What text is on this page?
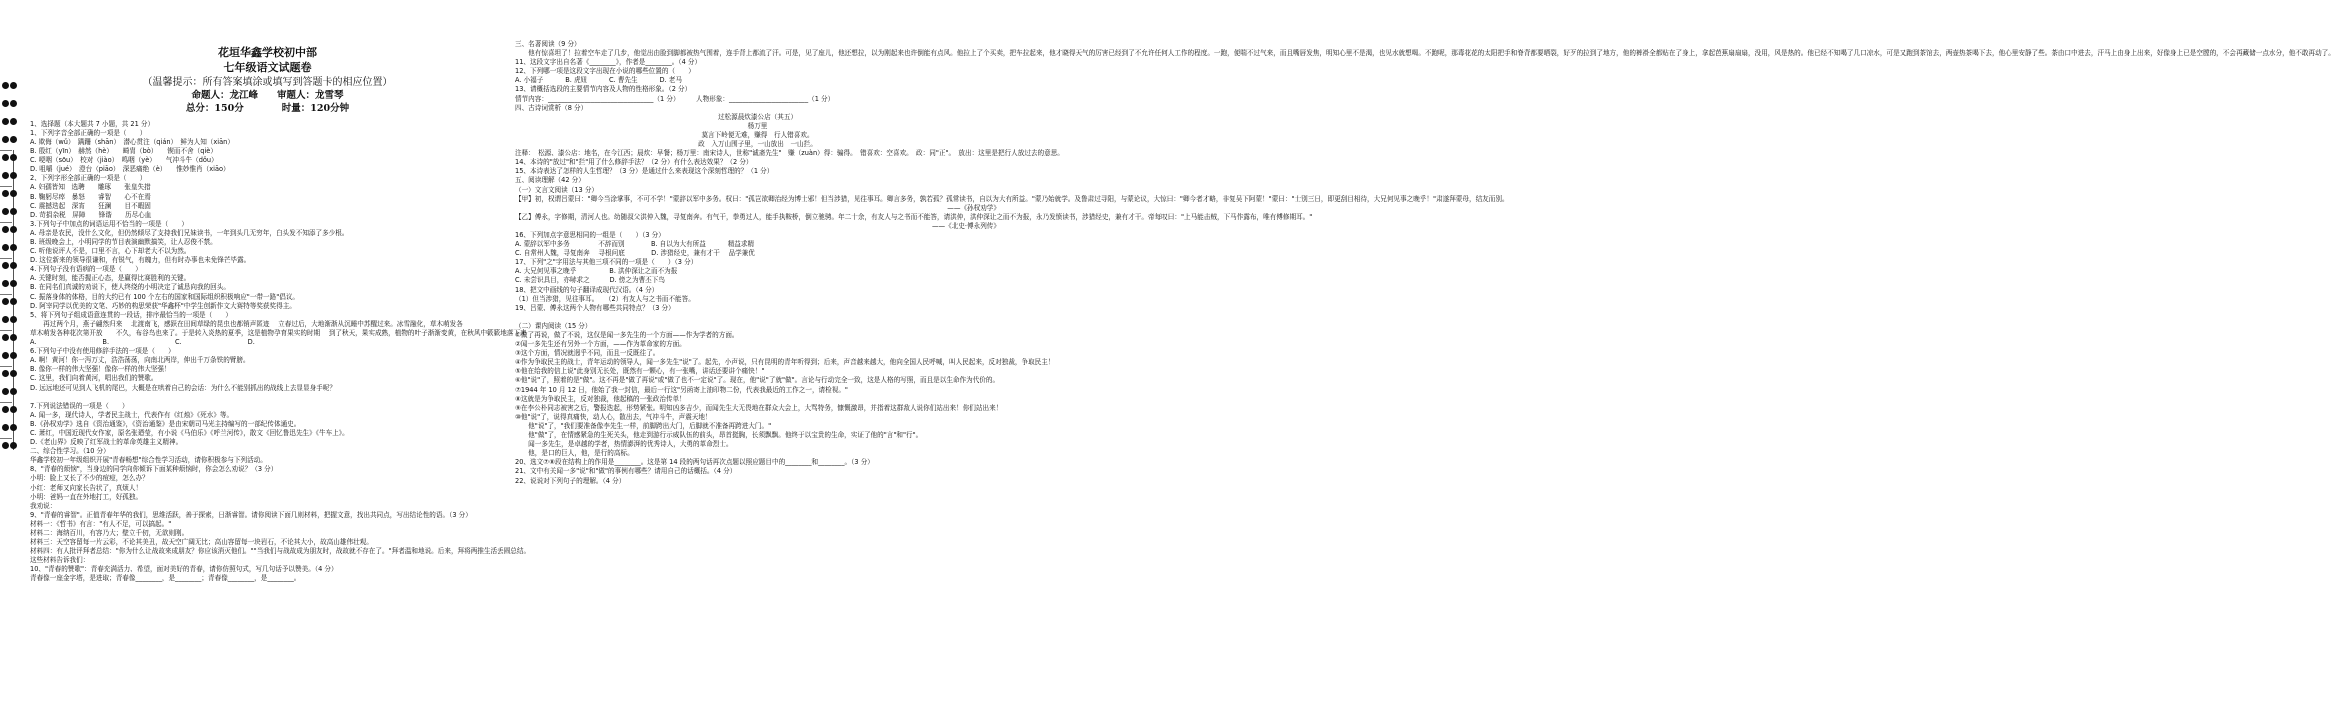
花垣华鑫学校初中部
七年级语文试题卷
（温馨提示：所有答案填涂或填写到答题卡的相应位置）
命题人：龙江峰　　审题人：龙雪琴
总分：150分　　　　时量：120分钟
1、选择题（本大题共 7 小题，共 21 分）
1、下列字音全部正确的一项是（　　）
A. 欺侮（wǔ）　蹒跚（shān）　潜心贯注（qián）　鲜为人知（xiān）
B. 殷红（yīn）　赫然（hè）　　畸胄（bò）　　锲而不舍（qiè）
C. 哽咽（sōu）　校对（jiào）　鸣咽（yè）　　气冲斗牛（dǒu）
D. 咀嚼（jué）　澄台（piāo）　深恶痛绝（è）　　惟妙惟肖（xiāo）
2、下列字形全部正确的一项是（　　）
A. 妇孺皆知　选聘　　雕琢　　张皇失措
B. 鞠躬尽瘁　暴怒　　睿智　　心不在焉
C. 震撼迭起　深宵　　狂澜　　目不暇固
D. 苛捐杂税　屏障　　锋谐　　历尽心血
3.下列句子中加点的词语运用不恰当的一项是（　　）
A. 母亲是农民，没什么文化，但仍然倾尽了支持我们兄妹读书，一年到头几无穷年，白头发不知添了多少根。
B. 班级晚会上，小明同学的节目表演幽默搞笑，让人忍俊不禁。
C. 听他说评人不是，口里不言，心下却老大不以为然。
D. 这位新来的领导很谦和，有锐气，有魄力，但有时办事也未免锋芒毕露。
4.下列句子没有语病的一项是（　　）
A. 关键时刻，能否握正心态，是赢得比赛胜利的关键。
B. 在同名们真诚的劝说下，使人终绕的小明决定了诚恳向我的回头。
C. 振落身体的体格，目的大约已有 100 个左右的国家和国际组织积极响应"一带一路"倡议。
D. 阿宰同学以优美的文笔、巧妙的构思荣获"华鑫杯"中学生创新作文大赛特等奖获奖得主。
5、将下列句子组成语意连贯的一段话，排序最恰当的一项是（　　）
　　再过两个月，燕子翩然归来　 北渡南飞，感跃在田间草绿的昆虫也都销声匿迹　 立春过后，大地渐渐从沉睡中苏醒过来。冰雪融化，草木萌发各
草木萌发各种花次第开放　　不久，布谷鸟也来了。于是转入炎热的夏季，这是植物孕育果实的时期　 到了秋天，果实成熟，植物的叶子渐渐变黄，在秋风中簌簌地落下来
A.　　　　　　　　　　B.　　　　　　　　　　C.　　　　　　　　　　D.
6.下列句子中没有使用修辞手法的一项是（　　）
A. 啊！黄河！你一泻万丈，浩浩荡荡，向南北两岸，伸出千万条铁的臂膀。
B. 像你一样的伟大坚强！像你一样的伟大坚强！
C. 这里，我们向着黄河，唱出我们的赞歌。
D. 远远地还可见到人飞机的尾巴，大概是在哄着自己的会话：为什么不能别抓出的战线上去显显身手呢？

7.下列说法错误的一项是（　　）
A. 闻一多，现代诗人，学者民主战士，代表作有《红烛》《死水》等。
B.《孙权劝学》选自《资治通鉴》，《资治通鉴》是由宋朝司马光主持编写的一部纪传体通史。
C. 萧红，中国近现代女作家，原名张廼莹，有小说《马伯乐》《呼兰河传》，散文《回忆鲁迅先生》《牛车上》。
D.《老山界》反映了红军战士的革命英雄主义精神。
二、综合性学习。（10 分）
华鑫学校初一年级组织开展"青春畅想"综合性学习活动，请你积极参与下列活动。
8、"青春的烦恼"，当身边的同学向你倾诉下面某种烦恼时，你会怎么劝说？（3 分）
小明：脸上又长了不少的痘痘，怎么办？
小红：老师又向家长告状了，真烦人！
小明：爸妈一直在外地打工，好孤独。
我劝说：
9、"青春的睿智"。正值青春年华的我们，思维活跃，善于探索，日渐睿智。请你阅读下面几则材料，把握文意，找出共同点，写出结论性的语。（3 分）
材料一：《哲书》有言："有人不足，可以搞起。"
材料二：海纳百川，有容乃大；壁立千仞，无欲则刚。
材料三：天空容留每一片云彩，不论其美丑，故天空广阔无比；高山容留每一块岩石，不论其大小，故高山雄伟壮观。
材料四：有人批评拜者总结："你为什么让战故来成朋友？你应该消灭他们。""当我们与战故成为朋友时，战故就不存在了。"拜者温和地说。后来，拜将两推生活丢圆总结。
这些材料告诉我们：
10、"青春的赞歌"：青春充满活力、希望，面对美好的青春，请你仿照句式，写几句话予以赞美。（4 分）
青春像一座金字塔，是进取；青春像________，是________；青春像________，是________。
三、名著阅读（9 分）
　　他有惊喜坦了！拉着空车走了几步，他觉出由脸到脚都被热气围着，连手背上都流了汗。可是，见了座儿，他还想拉，以为刚起来也许倒能有点风。他拉上了个买卖，把车拉起来，他才晓得天气的厉害已经到了不允许任何人工作的程度。一跑，便喘不过气来，而且嘴唇发焦，明知心里不是渴，也见水就想喝。不跑呢，那毒花花的太阳把手和脊背都要晒裂，好歹的拉到了地方，他的裤褂全都贴在了身上，拿起芭蕉扇扇扇，没用，风是热的。他已经不知喝了几口凉水，可是又跑到茶馆去，两壶热茶喝下去，他心里安静了些。茶由口中进去，汗马上由身上出来，好像身上已是空膛的，不会再藏储一点水分，他不敢再动了。
11、这段文字出自名著《________》，作者是________。（4 分）
12、下列哪一项是这段文字出现在小说的哪些位置的（　　）
A. 小福子　　　 B. 虎妞　　　 C. 曹先生　　　 D. 老马
13、请概括选段的主要情节内容及人物的性格形象。（2 分）
情节内容：________________________________（1 分）　　　人物形象：________________________（1 分）
四、古诗词赏析（8 分）
过松源晨炊漆公店（其五）
杨万里
莫言下岭便无难，赚得　行人错喜欢。
政　入万山围子里，一山放出　一山拦。
注释：　松源、漆公店：地名，在今江西；晨炊：早餐；杨万里：南宋诗人，世称"诚斋先生"　赚（zuàn）得：骗得。　错喜欢：空喜欢。　政：同"正"。　放出：这里是把行人放过去的意思。
14、本诗的"放过"和"拦"用了什么修辞手法？（2 分）有什么表达效果？（2 分）
15、本诗表达了怎样的人生哲理？（3 分）是通过什么来表现这个深刻哲理的？（1 分）
五、阅读理解（42 分）
（一）文言文阅读（13 分）
【甲】初，权谓吕蒙曰："卿今当涂掌事，不可不学！"蒙辞以军中多务。权曰："孤岂欲卿治经为博士邪！但当涉猎，见往事耳。卿言多务，孰若孤？孤常读书，自以为大有所益。"蒙乃始就学。及鲁肃过寻阳，与蒙论议，大惊曰："卿今者才略，非复吴下阿蒙！"蒙曰："士别三日，即更刮目相待，大兄何见事之晚乎！"肃遂拜蒙母，结友而别。
——《孙权劝学》
【乙】傅永，字修期，清河人也。幼随叔父洪仲入魏，寻复南奔。有气干，拳勇过人，能手执鞍桥，倒立驰骋。年二十余，有友人与之书而不能答，请洪仲，洪仲深让之而不为报，永乃发愤读书，涉猎经史，兼有才干。帝每叹曰："上马能击贼，下马作露布，唯有傅修期耳。"
——《北史·傅永列传》
16、下列加点字意思相同的一组是（　　）（3 分）
A. 蒙辞以军中多务　　　　 不辞而别　　　　B. 自以为大有所益　　　 精益求精
C. 自常州人魏，寻复南奔　 寻根问底　　　　D. 涉猎经史，兼有才干　 品学兼优
17、下列"之"字用法与其他三项不同的一项是（　　）（3 分）
A. 大兄何见事之晚乎　　　　　B. 洪仲深让之而不为报
C. 未尝识具目，亦哧求之　　　D. 傍之为曹丕下鸟
18、把文中画线的句子翻译成现代汉语。（4 分）
（1）但当涉猎，见往事耳。　　（2）有友人与之书而不能答。
19、吕蒙、傅永这两个人物有哪些共同特点？（3 分）

（二）课内阅读（15 分）
①做了再说，做了不说，这仅是闻一多先生的一个方面——作为学者的方面。
②闻一多先生还有另外一个方面，——作为革命家的方面。
③这个方面，情况就迥乎不同，而且一反既往了。
④作为争取民主的战士，青年运动的领导人，闻一多先生"说"了。起先，小声说，只有昆明的青年听得到；后来，声音越来越大，他向全国人民呼喊，叫人民起来，反对独裁，争取民主！
⑤他在给我的信上说"此身别无长处，既然有一颗心，有一张嘴，讲话还要讲个痛快！"
⑥他"说"了，照着的是"做"。这不再是"做了再说"或"做了也不一定说"了。现在，他"说"了就"做"。言论与行动完全一致，这是人格的写照，而且是以生命作为代价的。
⑦1944 年 10 月 12 日，他始了我一封信，最后一行这"另函寄上油印物二份，代表我最近的工作之一，请检视。"
⑧这就是为争取民主，反对独裁，他起稿的一张政治传单！
⑨在李公朴同志被害之后，警报迭起，形势紧张。明知凶多吉少，而闻先生大无畏地在群众大会上，大骂特务，慷慨激昂，并指着这群敌人说你们站出来！你们站出来！
⑩他"说"了，说得真痛快，动人心，散出去，气冲斗牛，声震天地！
　　他"说"了，"我们要准备像李先生一样，前脚跨出大门，后脚就不准备再跨进大门。"
　　他"做"了，在情感紧急的生死关头，他走到游行示威队伍的前头，昂首挺胸，长须飘飘。他终于以宝贵的生命，实证了他的"言"和"行"。
　　闻一多先生，是卓越的学者，热情澎湃的优秀诗人，大勇的革命烈士。
　　他，是口的巨人，他，是行的高标。
20、选文⑦⑧段在结构上的作用是________。这是第 14 段的两句话再次点题以照应题目中的________和________。（3 分）
21、文中有关闻一多"说"和"做"的事例有哪些？请用自己的话概括。（4 分）
22、说说对下列句子的理解。（4 分）
